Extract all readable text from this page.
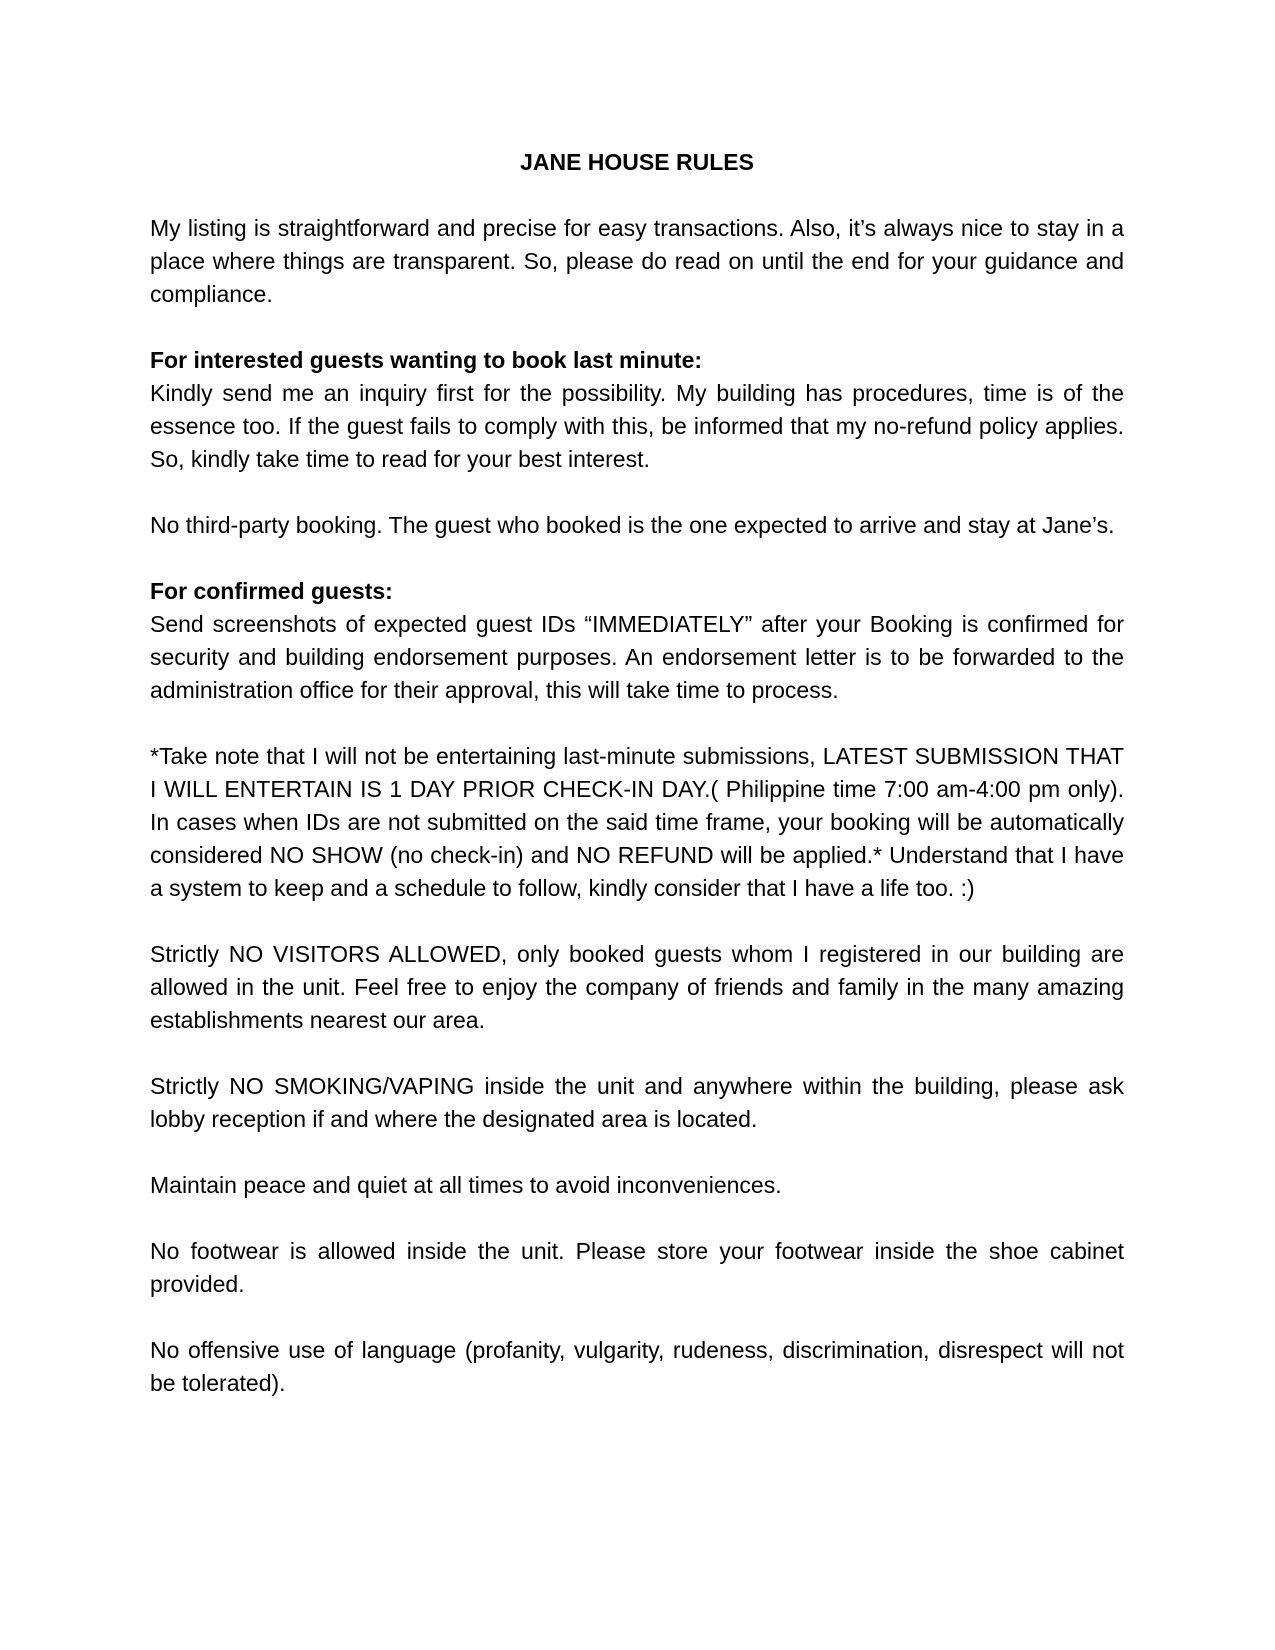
JANE HOUSE RULES
My listing is straightforward and precise for easy transactions. Also, it’s always nice to stay in a place where things are transparent. So, please do read on until the end for your guidance and compliance.
For interested guests wanting to book last minute:
Kindly send me an inquiry first for the possibility. My building has procedures, time is of the essence too. If the guest fails to comply with this, be informed that my no-refund policy applies. So, kindly take time to read for your best interest.
No third-party booking. The guest who booked is the one expected to arrive and stay at Jane’s.
For confirmed guests:
Send screenshots of expected guest IDs “IMMEDIATELY” after your Booking is confirmed for security and building endorsement purposes. An endorsement letter is to be forwarded to the administration office for their approval, this will take time to process.
*Take note that I will not be entertaining last-minute submissions, LATEST SUBMISSION THAT I WILL ENTERTAIN IS 1 DAY PRIOR CHECK-IN DAY.( Philippine time 7:00 am-4:00 pm only). In cases when IDs are not submitted on the said time frame, your booking will be automatically considered NO SHOW (no check-in) and NO REFUND will be applied.* Understand that I have a system to keep and a schedule to follow, kindly consider that I have a life too. :)
Strictly NO VISITORS ALLOWED, only booked guests whom I registered in our building are allowed in the unit. Feel free to enjoy the company of friends and family in the many amazing establishments nearest our area.
Strictly NO SMOKING/VAPING inside the unit and anywhere within the building, please ask lobby reception if and where the designated area is located.
Maintain peace and quiet at all times to avoid inconveniences.
No footwear is allowed inside the unit. Please store your footwear inside the shoe cabinet provided.
No offensive use of language (profanity, vulgarity, rudeness, discrimination, disrespect will not be tolerated).
